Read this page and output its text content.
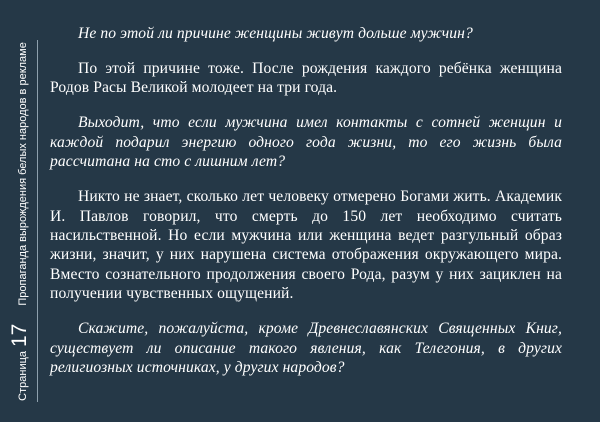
Страница
17
Пропаганда вырождения белых народов в рекламе

Не по этой ли причине женщины живут дольше мужчин?

По этой причине тоже. После рождения каждого ребёнка женщина Родов Расы Великой молодеет на три года.

Выходит, что если мужчина имел контакты с сотней женщин и каждой подарил энергию одного года жизни, то его жизнь была рассчитана на сто с лишним лет?

Никто не знает, сколько лет человеку отмерено Богами жить. Академик И. Павлов говорил, что смерть до 150 лет необходимо считать насильственной. Но если мужчина или женщина ведет разгульный образ жизни, значит, у них нарушена система отображения окружающего мира. Вместо сознательного продолжения своего Рода, разум у них зациклен на получении чувственных ощущений.

Скажите, пожалуйста, кроме Древнеславянских Священных Книг, существует ли описание такого явления, как Телегония, в других религиозных источниках, у других народов?
